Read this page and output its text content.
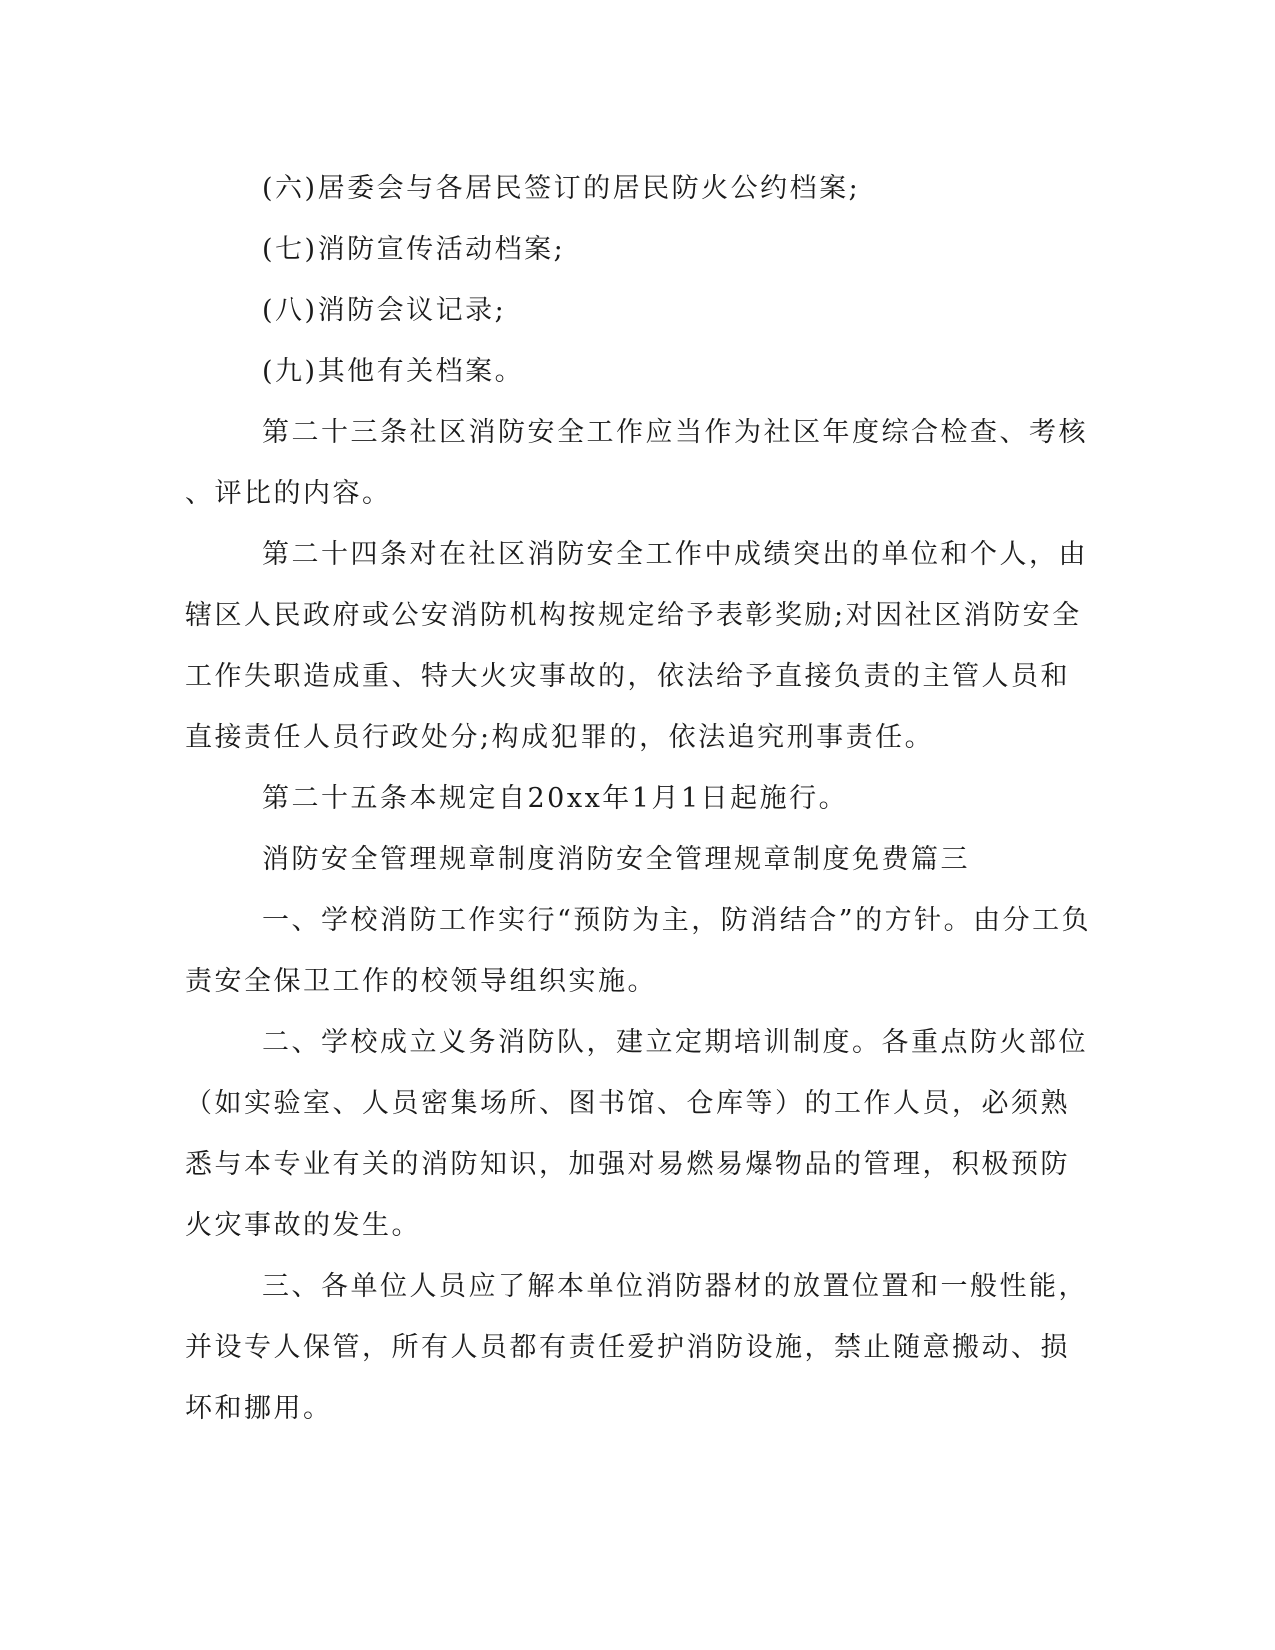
(六)居委会与各居民签订的居民防火公约档案;

(七)消防宣传活动档案;

(八)消防会议记录;

(九)其他有关档案。

第二十三条社区消防安全工作应当作为社区年度综合检查、考核
、评比的内容。

第二十四条对在社区消防安全工作中成绩突出的单位和个人，由
辖区人民政府或公安消防机构按规定给予表彰奖励;对因社区消防安全
工作失职造成重、特大火灾事故的，依法给予直接负责的主管人员和
直接责任人员行政处分;构成犯罪的，依法追究刑事责任。

第二十五条本规定自20xx年1月1日起施行。

消防安全管理规章制度消防安全管理规章制度免费篇三

一、学校消防工作实行“预防为主，防消结合”的方针。由分工负
责安全保卫工作的校领导组织实施。

二、学校成立义务消防队，建立定期培训制度。各重点防火部位
（如实验室、人员密集场所、图书馆、仓库等）的工作人员，必须熟
悉与本专业有关的消防知识，加强对易燃易爆物品的管理，积极预防
火灾事故的发生。

三、各单位人员应了解本单位消防器材的放置位置和一般性能，
并设专人保管，所有人员都有责任爱护消防设施，禁止随意搬动、损
坏和挪用。
